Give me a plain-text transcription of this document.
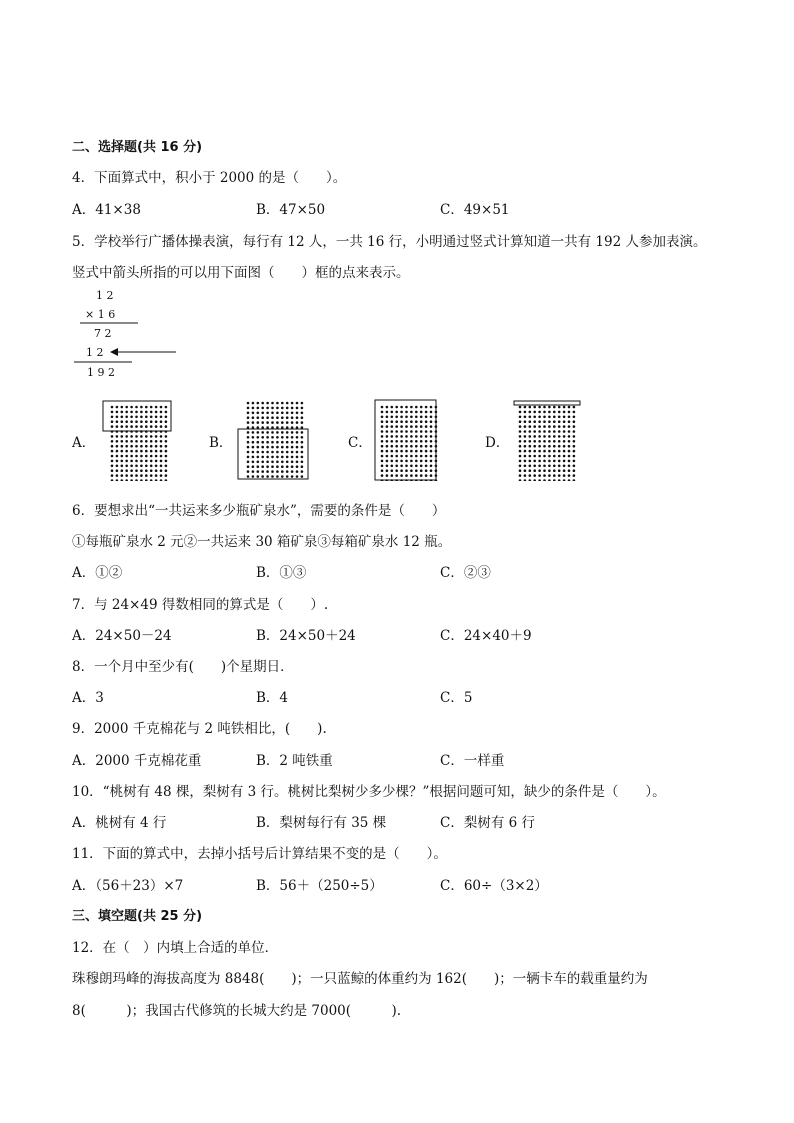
二、选择题(共 16 分)
4．下面算式中，积小于 2000 的是（　　）。
A．41×38	B．47×50	C．49×51
5．学校举行广播体操表演，每行有 12 人，一共 16 行，小明通过竖式计算知道一共有 192 人参加表演。
竖式中箭头所指的可以用下面图（　　）框的点来表示。
1 2
× 1 6
7 2
1 2
1 9 2
A．	B．	C．	D．
6．要想求出“一共运来多少瓶矿泉水”，需要的条件是（　　）
①每瓶矿泉水 2 元②一共运来 30 箱矿泉③每箱矿泉水 12 瓶。
A．①②	B．①③	C．②③
7．与 24×49 得数相同的算式是（　　）.
A．24×50－24	B．24×50＋24	C．24×40＋9
8．一个月中至少有(　　)个星期日．
A．3	B．4	C．5
9．2000 千克棉花与 2 吨铁相比，(　　).
A．2000 千克棉花重	B．2 吨铁重	C．一样重
10．“桃树有 48 棵，梨树有 3 行。桃树比梨树少多少棵？”根据问题可知，缺少的条件是（　　）。
A．桃树有 4 行	B．梨树每行有 35 棵	C．梨树有 6 行
11．下面的算式中，去掉小括号后计算结果不变的是（　　）。
A．（56＋23）×7	B．56＋（250÷5）	C．60÷（3×2）
三、填空题(共 25 分)
12．在（　）内填上合适的单位．
珠穆朗玛峰的海拔高度为 8848(　　)；一只蓝鲸的体重约为 162(　　)；一辆卡车的载重量约为
8(　　　)；我国古代修筑的长城大约是 7000(　　　).
